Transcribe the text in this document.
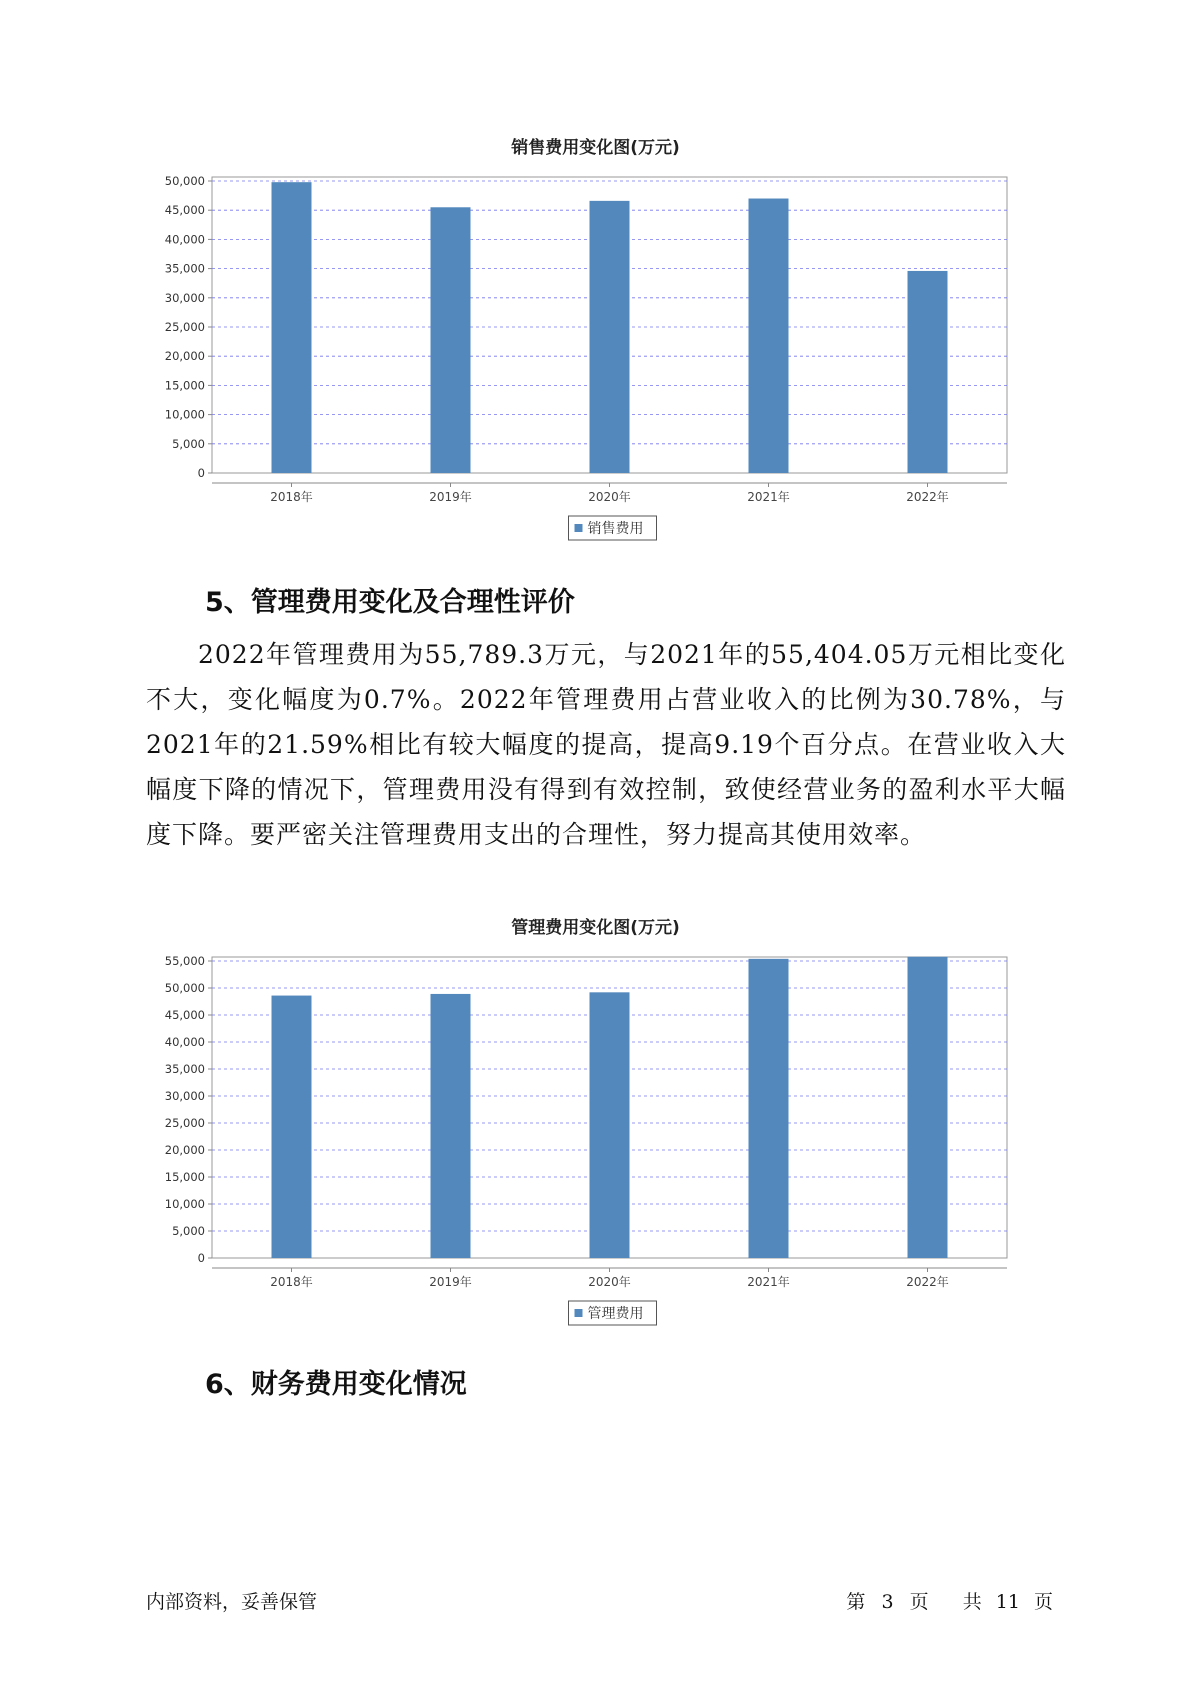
销售费用变化图(万元)
0
5,000
10,000
15,000
20,000
25,000
30,000
35,000
40,000
45,000
50,000
2018年	2019年	2020年	2021年	2022年
销售费用
5、管理费用变化及合理性评价

2022年管理费用为55,789.3万元，与2021年的55,404.05万元相比变化不大，变化幅度为0.7%。2022年管理费用占营业收入的比例为30.78%，与2021年的21.59%相比有较大幅度的提高，提高9.19个百分点。在营业收入大幅度下降的情况下，管理费用没有得到有效控制，致使经营业务的盈利水平大幅度下降。要严密关注管理费用支出的合理性，努力提高其使用效率。

管理费用变化图(万元)
0
5,000
10,000
15,000
20,000
25,000
30,000
35,000
40,000
45,000
50,000
55,000
2018年	2019年	2020年	2021年	2022年
管理费用
6、财务费用变化情况
内部资料，妥善保管	第 3 页 共 11 页
